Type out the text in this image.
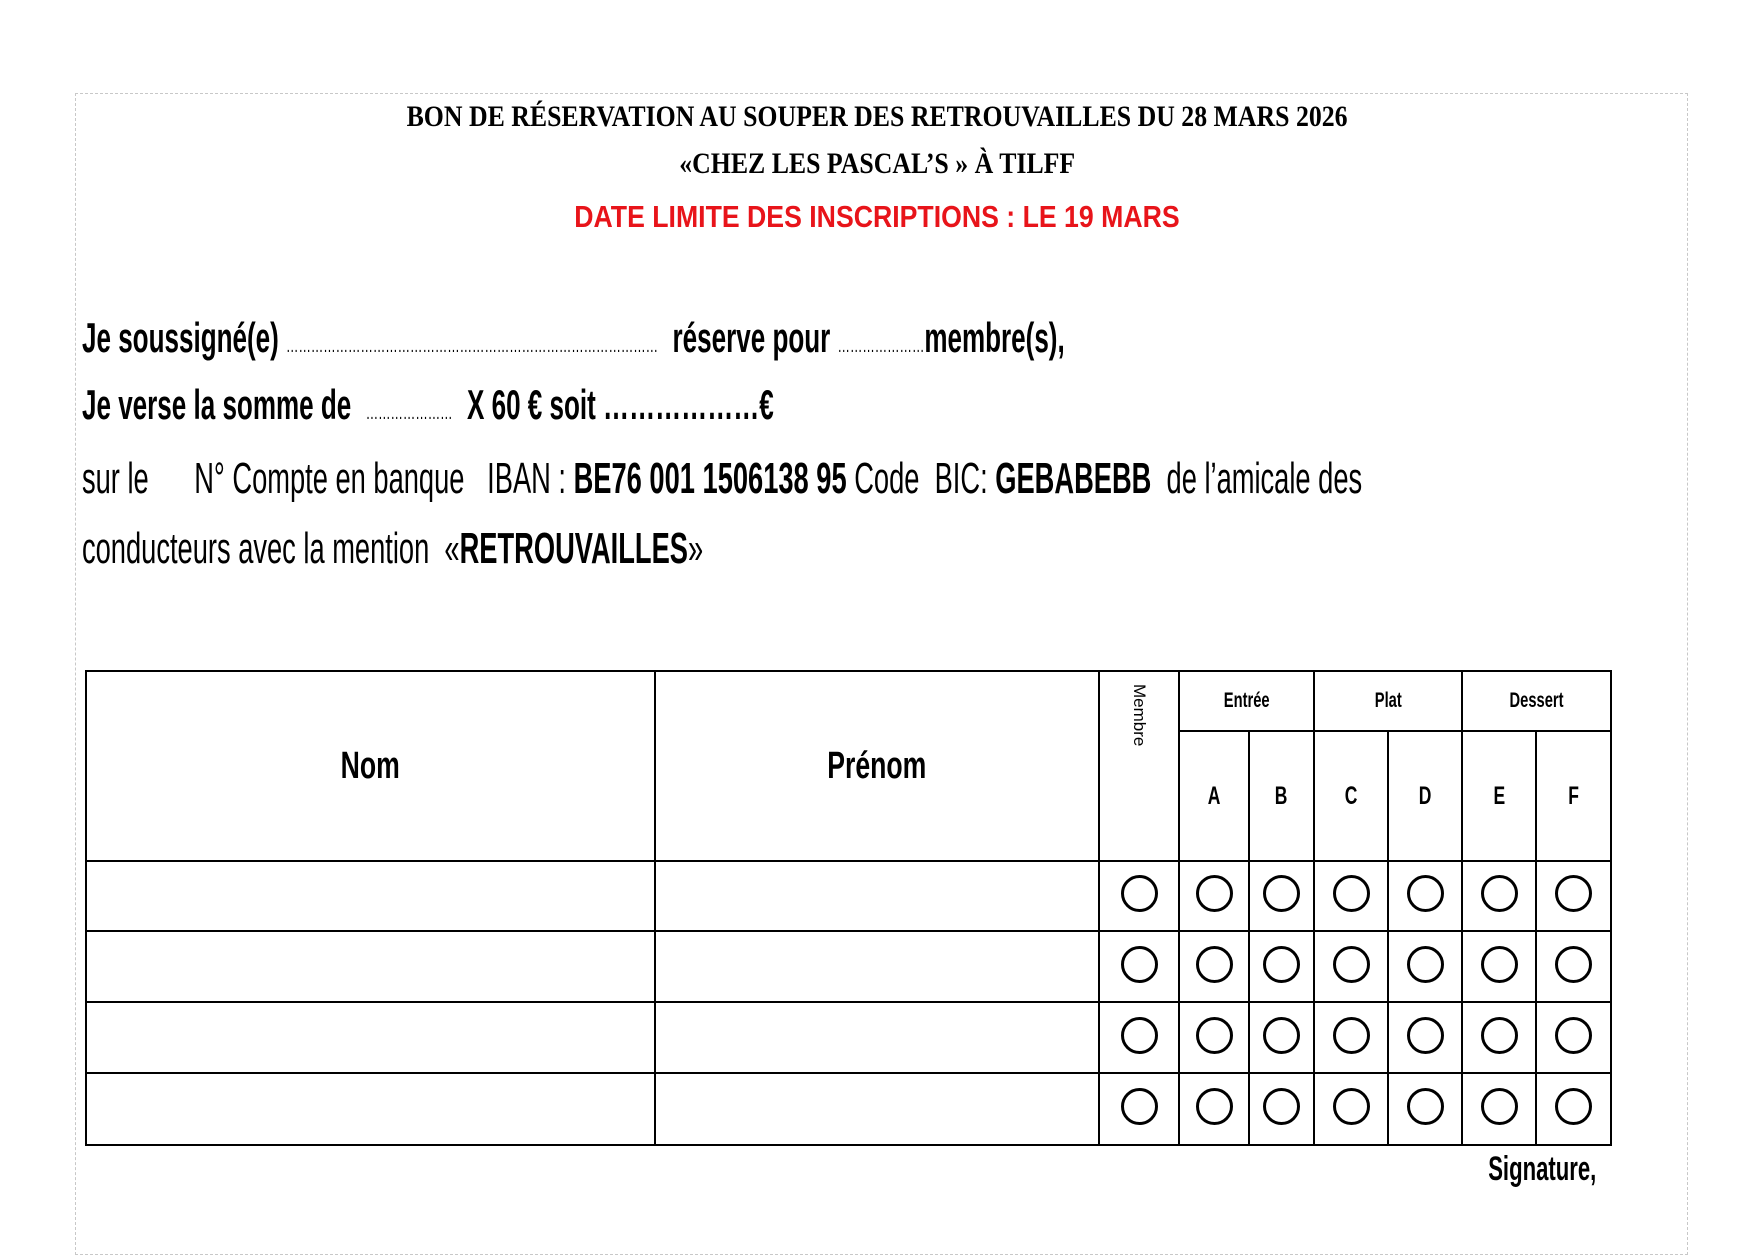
BON DE RÉSERVATION AU SOUPER DES RETROUVAILLES DU 28 MARS 2026
«CHEZ LES PASCAL’S » À TILFF
DATE LIMITE DES INSCRIPTIONS : LE 19 MARS
Je soussigné(e) ……………………………………………………………………………… réserve pour …………………membre(s),
Je verse la somme de ………………… X 60 € soit ………………€
sur le N° Compte en banque IBAN : BE76 001 1506138 95 Code BIC: GEBABEBB de l’amicale des
conducteurs avec la mention «RETROUVAILLES»
Nom	Prénom	Membre	Entrée		Plat		Dessert	
			A	B	C	D	E	F

Signature,
